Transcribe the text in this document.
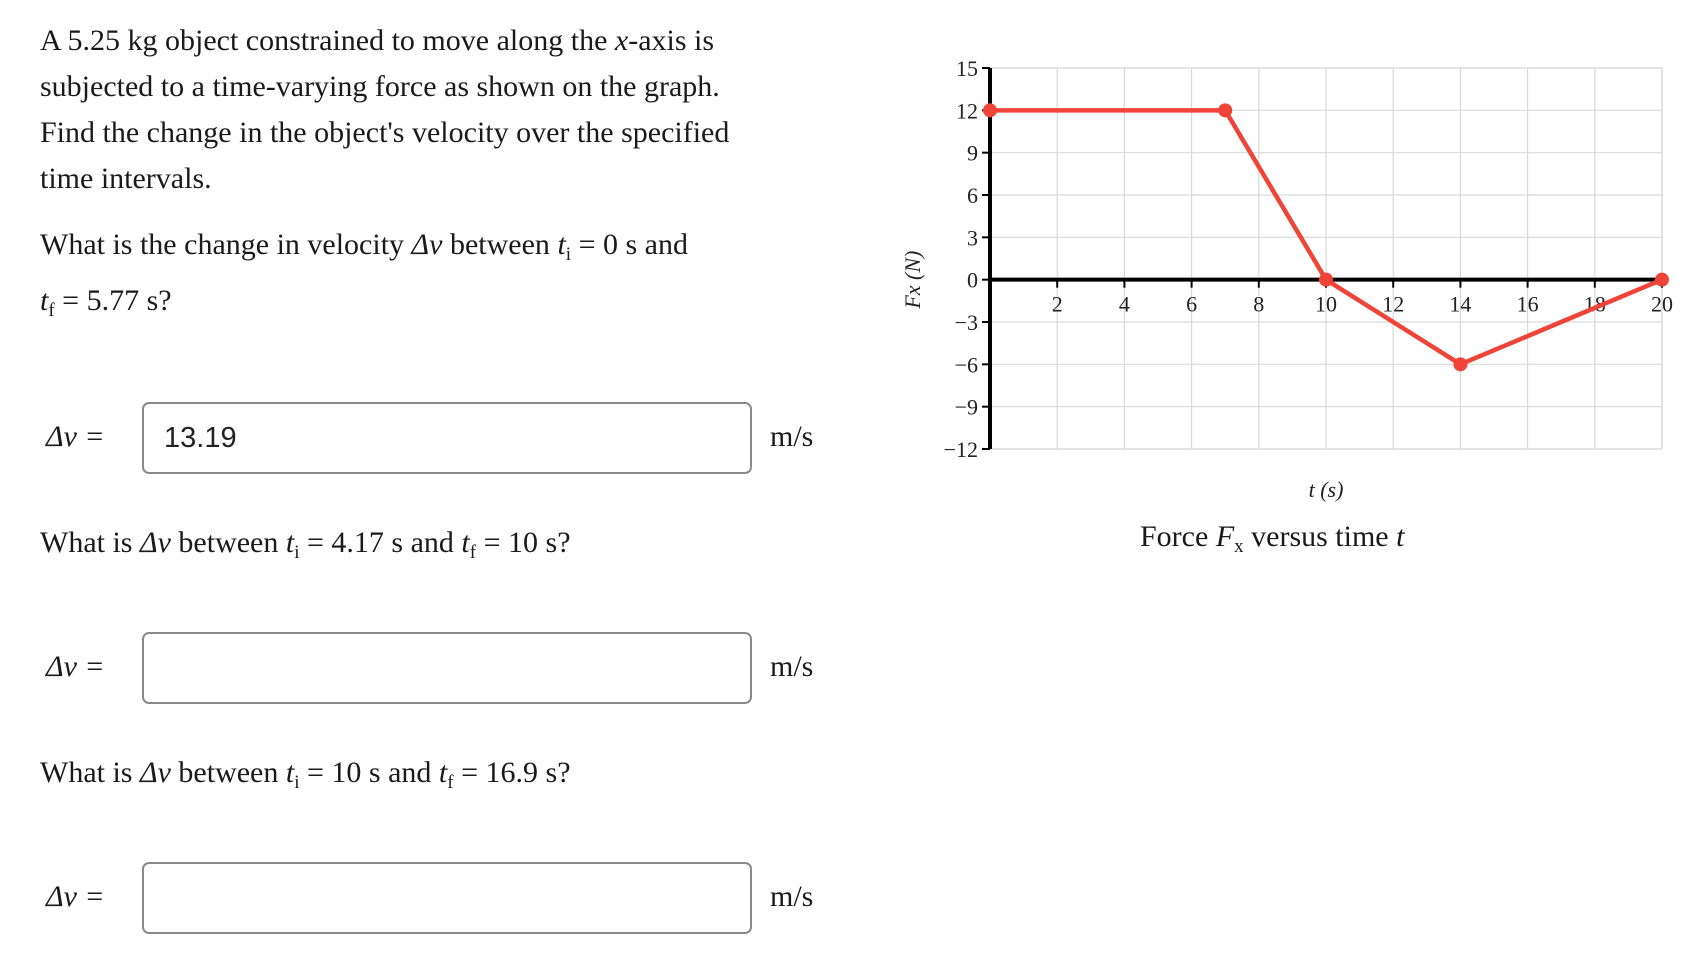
A 5.25 kg object constrained to move along the x-axis is
subjected to a time-varying force as shown on the graph.
Find the change in the object's velocity over the specified
time intervals.
What is the change in velocity Δv between $t_i = 0$ s and
$t_f = 5.77$ s?
Δv =
13.19	m/s
What is Δv between $t_i = 4.17$ s and $t_f = 10$ s?
Δv =	m/s
What is Δv between $t_i = 10$ s and $t_f = 16.9$ s?
Δv =	m/s
15
12
9
6
3
0
−3
−6
−9
−12
2	4	6	8 10 12 14 16 18 20
Fx (N)
t (s)
Force $F_x$ versus time t
